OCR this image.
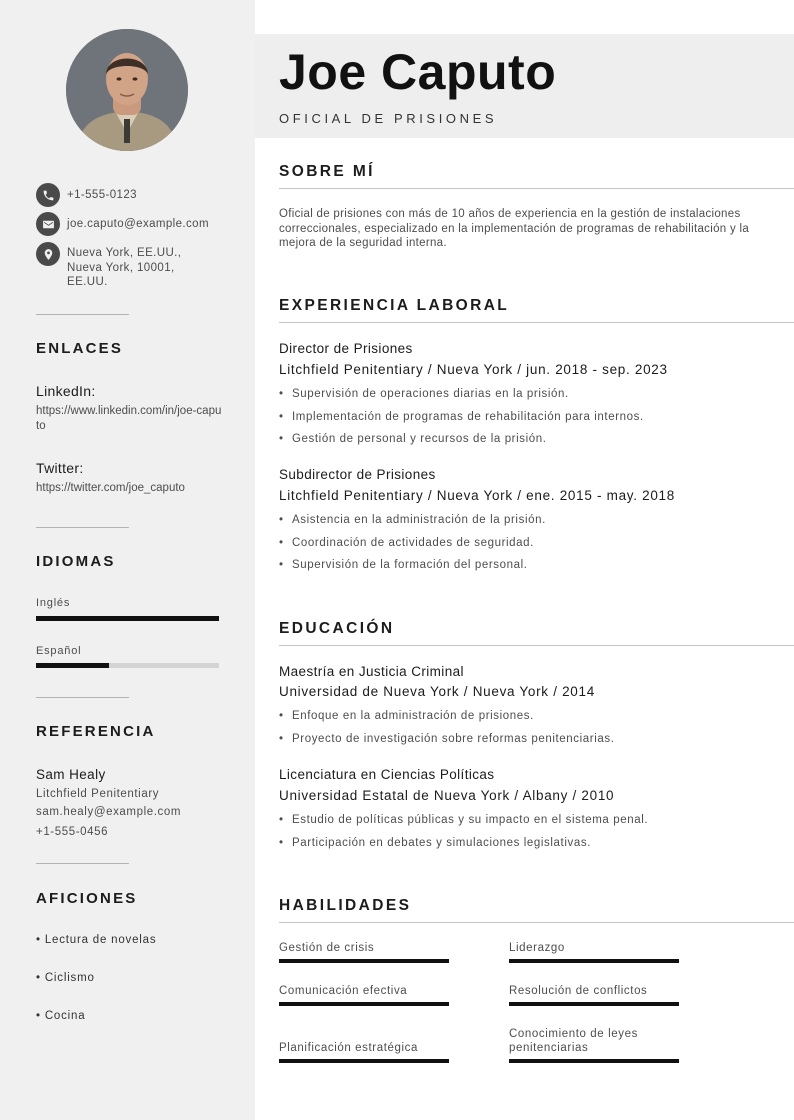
+1-555-0123
joe.caputo@example.com
Nueva York, EE.UU.,
Nueva York, 10001,
EE.UU.
ENLACES
LinkedIn:
https://www.linkedin.com/in/joe-caputo
Twitter:
https://twitter.com/joe_caputo
IDIOMAS
Inglés
Español
REFERENCIA
Sam Healy
Litchfield Penitentiary
sam.healy@example.com
+1-555-0456
AFICIONES
• Lectura de novelas
• Ciclismo
• Cocina
Joe Caputo
OFICIAL DE PRISIONES
SOBRE MÍ
Oficial de prisiones con más de 10 años de experiencia en la gestión de instalaciones correccionales, especializado en la implementación de programas de rehabilitación y la mejora de la seguridad interna.
EXPERIENCIA LABORAL
Director de Prisiones
Litchfield Penitentiary / Nueva York / jun. 2018 - sep. 2023
• Supervisión de operaciones diarias en la prisión.
• Implementación de programas de rehabilitación para internos.
• Gestión de personal y recursos de la prisión.
Subdirector de Prisiones
Litchfield Penitentiary / Nueva York / ene. 2015 - may. 2018
• Asistencia en la administración de la prisión.
• Coordinación de actividades de seguridad.
• Supervisión de la formación del personal.
EDUCACIÓN
Maestría en Justicia Criminal
Universidad de Nueva York / Nueva York / 2014
• Enfoque en la administración de prisiones.
• Proyecto de investigación sobre reformas penitenciarias.
Licenciatura en Ciencias Políticas
Universidad Estatal de Nueva York / Albany / 2010
• Estudio de políticas públicas y su impacto en el sistema penal.
• Participación en debates y simulaciones legislativas.
HABILIDADES
Gestión de crisis	Liderazgo
Comunicación efectiva	Resolución de conflictos
Planificación estratégica
Conocimiento de leyes penitenciarias
